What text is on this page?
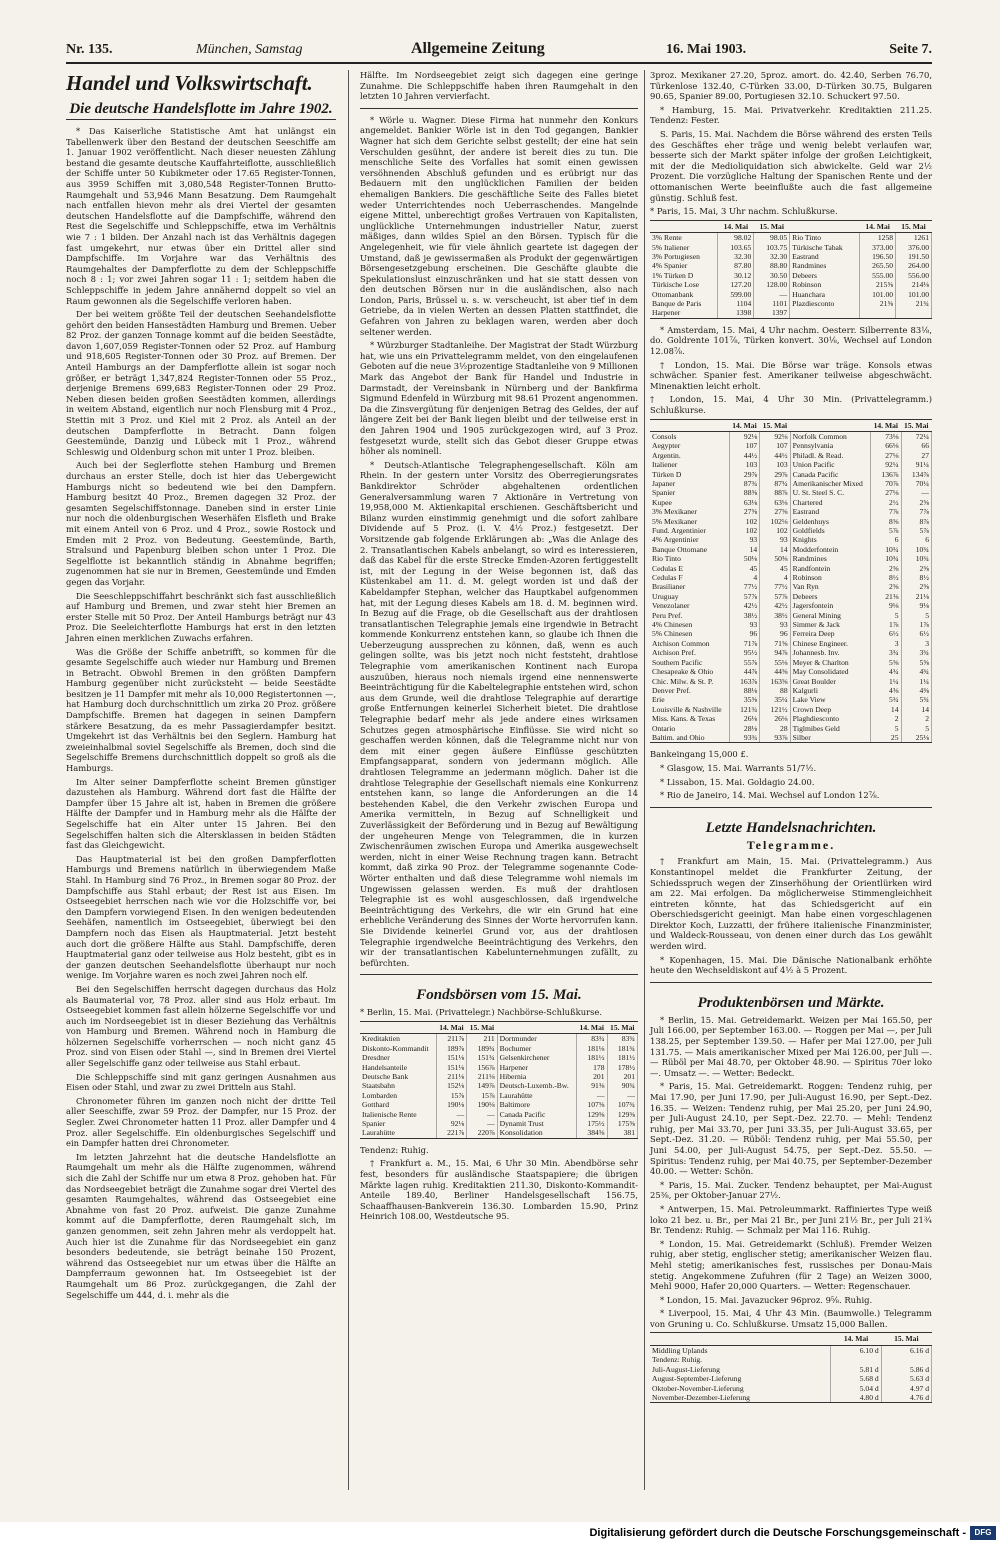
Nr. 135.	München, Samstag	Allgemeine Zeitung	16. Mai 1903.	Seite 7.
Handel und Volkswirtschaft.
Die deutsche Handelsflotte im Jahre 1902.

* Das Kaiserliche Statistische Amt hat unlängst ein Tabellenwerk über den Bestand der deutschen Seeschiffe am 1. Januar 1902 veröffentlicht. Nach dieser neuesten Zählung bestand die gesamte deutsche Kauffahrteiflotte, ausschließlich der Schiffe unter 50 Kubikmeter oder 17.65 Register-Tonnen, aus 3959 Schiffen mit 3,080,548 Register-Tonnen Brutto-Raumgehalt und 53,946 Mann Besatzung. Dem Raumgehalt nach entfallen hievon mehr als drei Viertel der gesamten deutschen Handelsflotte auf die Dampfschiffe, während den Rest die Segelschiffe und Schleppschiffe, etwa im Verhältnis wie 7 : 1 bilden. Der Anzahl nach ist das Verhältnis dagegen fast umgekehrt, nur etwas über ein Drittel aller sind Dampfschiffe. Im Vorjahre war das Verhältnis des Raumgehaltes der Dampferflotte zu dem der Schleppschiffe noch 8 : 1; vor zwei Jahren sogar 11 : 1; seitdem haben die Schleppschiffe in jedem Jahre annähernd doppelt so viel an Raum gewonnen als die Segelschiffe verloren haben.

Der bei weitem größte Teil der deutschen Seehandelsflotte gehört den beiden Hansestädten Hamburg und Bremen. Ueber 82 Proz. der ganzen Tonnage kommt auf die beiden Seestädte, davon 1,607,059 Register-Tonnen oder 52 Proz. auf Hamburg und 918,605 Register-Tonnen oder 30 Proz. auf Bremen. Der Anteil Hamburgs an der Dampferflotte allein ist sogar noch größer, er beträgt 1,347,824 Register-Tonnen oder 55 Proz., derjenige Bremens 699,683 Register-Tonnen oder 29 Proz. Neben diesen beiden großen Seestädten kommen, allerdings in weitem Abstand, eigentlich nur noch Flensburg mit 4 Proz., Stettin mit 3 Proz. und Kiel mit 2 Proz. als Anteil an der deutschen Dampferflotte in Betracht. Dann folgen Geestemünde, Danzig und Lübeck mit 1 Proz., während Schleswig und Oldenburg schon mit unter 1 Proz. bleiben.

Auch bei der Seglerflotte stehen Hamburg und Bremen durchaus an erster Stelle, doch ist hier das Uebergewicht Hamburgs nicht so bedeutend wie bei den Dampfern. Hamburg besitzt 40 Proz., Bremen dagegen 32 Proz. der gesamten Segelschiffstonnage. Daneben sind in erster Linie nur noch die oldenburgischen Weserhäfen Elsfleth und Brake mit einem Anteil von 6 Proz. und 4 Proz., sowie Rostock und Emden mit 2 Proz. von Bedeutung. Geestemünde, Barth, Stralsund und Papenburg bleiben schon unter 1 Proz. Die Segelflotte ist bekanntlich ständig in Abnahme begriffen; zugenommen hat sie nur in Bremen, Geestemünde und Emden gegen das Vorjahr.

Die Seeschleppschiffahrt beschränkt sich fast ausschließlich auf Hamburg und Bremen, und zwar steht hier Bremen an erster Stelle mit 50 Proz. Der Anteil Hamburgs beträgt nur 43 Proz. Die Seeleichterflotte Hamburgs hat erst in den letzten Jahren einen merklichen Zuwachs erfahren.

Was die Größe der Schiffe anbetrifft, so kommen für die gesamte Segelschiffe auch wieder nur Hamburg und Bremen in Betracht. Obwohl Bremen in den größten Dampfern Hamburg gegenüber nicht zurücksteht — beide Seestädte besitzen je 11 Dampfer mit mehr als 10,000 Registertonnen —, hat Hamburg doch durchschnittlich um zirka 20 Proz. größere Dampfschiffe. Bremen hat dagegen in seinen Dampfern stärkere Besatzung, da es mehr Passagierdampfer besitzt. Umgekehrt ist das Verhältnis bei den Seglern. Hamburg hat zweieinhalbmal soviel Segelschiffe als Bremen, doch sind die Segelschiffe Bremens durchschnittlich doppelt so groß als die Hamburgs.

Im Alter seiner Dampferflotte scheint Bremen günstiger dazustehen als Hamburg. Während dort fast die Hälfte der Dampfer über 15 Jahre alt ist, haben in Bremen die größere Hälfte der Dampfer und in Hamburg mehr als die Hälfte der Segelschiffe hat ein Alter unter 15 Jahren. Bei den Segelschiffen halten sich die Altersklassen in beiden Städten fast das Gleichgewicht.

Das Hauptmaterial ist bei den großen Dampferflotten Hamburgs und Bremens natürlich in überwiegendem Maße Stahl. In Hamburg sind 76 Proz., in Bremen sogar 80 Proz. der Dampfschiffe aus Stahl erbaut; der Rest ist aus Eisen. Im Ostseegebiet herrschen nach wie vor die Holzschiffe vor, bei den Dampfern vorwiegend Eisen. In den wenigen bedeutenden Seehäfen, namentlich im Ostseegebiet, überwiegt bei den Dampfern noch das Eisen als Hauptmaterial. Jetzt besteht auch dort die größere Hälfte aus Stahl. Dampfschiffe, deren Hauptmaterial ganz oder teilweise aus Holz besteht, gibt es in der ganzen deutschen Seehandelsflotte überhaupt nur noch wenige. Im Vorjahre waren es noch zwei Jahren noch elf.

Bei den Segelschiffen herrscht dagegen durchaus das Holz als Baumaterial vor, 78 Proz. aller sind aus Holz erbaut. Im Ostseegebiet kommen fast allein hölzerne Segelschiffe vor und auch im Nordseegebiet ist in dieser Beziehung das Verhältnis von Hamburg und Bremen. Während noch in Hamburg die hölzernen Segelschiffe vorherrschen — noch nicht ganz 45 Proz. sind von Eisen oder Stahl —, sind in Bremen drei Viertel aller Segelschiffe ganz oder teilweise aus Stahl erbaut.

Die Schleppschiffe sind mit ganz geringen Ausnahmen aus Eisen oder Stahl, und zwar zu zwei Dritteln aus Stahl.

Chronometer führen im ganzen noch nicht der dritte Teil aller Seeschiffe, zwar 59 Proz. der Dampfer, nur 15 Proz. der Segler. Zwei Chronometer hatten 11 Proz. aller Dampfer und 4 Proz. aller Segelschiffe. Ein oldenburgisches Segelschiff und ein Dampfer hatten drei Chronometer.

Im letzten Jahrzehnt hat die deutsche Handelsflotte an Raumgehalt um mehr als die Hälfte zugenommen, während sich die Zahl der Schiffe nur um etwa 8 Proz. gehoben hat. Für das Nordseegebiet beträgt die Zunahme sogar drei Viertel des gesamten Raumgehaltes, während das Ostseegebiet eine Abnahme von fast 20 Proz. aufweist. Die ganze Zunahme kommt auf die Dampferflotte, deren Raumgehalt sich, im ganzen genommen, seit zehn Jahren mehr als verdoppelt hat. Auch hier ist die Zunahme für das Nordseegebiet ein ganz besonders bedeutende, sie beträgt beinahe 150 Prozent, während das Ostseegebiet nur um etwas über die Hälfte an Dampferraum gewonnen hat. Im Ostseegebiet ist der Raumgehalt um 86 Proz. zurückgegangen, die Zahl der Segelschiffe um 444, d. i. mehr als die

Hälfte. Im Nordseegebiet zeigt sich dagegen eine geringe Zunahme. Die Schleppschiffe haben ihren Raumgehalt in den letzten 10 Jahren vervierfacht.

* Wörle u. Wagner. Diese Firma hat nunmehr den Konkurs angemeldet. Bankier Wörle ist in den Tod gegangen, Bankier Wagner hat sich dem Gerichte selbst gestellt; der eine hat sein Verschulden gesühnt, der andere ist bereit dies zu tun. Die menschliche Seite des Vorfalles hat somit einen gewissen versöhnenden Abschluß gefunden und es erübrigt nur das Bedauern mit den unglücklichen Familien der beiden ehemaligen Bankiers. Die geschäftliche Seite des Falles bietet weder Unterrichtendes noch Ueberraschendes. Mangelnde eigene Mittel, unberechtigt großes Vertrauen von Kapitalisten, unglückliche Unternehmungen industrieller Natur, zuerst mäßiges, dann wildes Spiel an den Börsen. Typisch für die Angelegenheit, wie für viele ähnlich geartete ist dagegen der Umstand, daß je gewissermaßen als Produkt der gegenwärtigen Börsengesetzgebung erscheinen. Die Geschäfte glaubte die Spekulationslust einzuschränken und hat sie statt dessen von den deutschen Börsen nur in die ausländischen, also nach London, Paris, Brüssel u. s. w. verscheucht, ist aber tief in dem Getriebe, da in vielen Werten an dessen Platten stattfindet, die Gefahren von Jahren zu beklagen waren, werden aber doch seltener werden.

* Würzburger Stadtanleihe. Der Magistrat der Stadt Würzburg hat, wie uns ein Privattelegramm meldet, von den eingelaufenen Geboten auf die neue 3½prozentige Stadtanleihe von 9 Millionen Mark das Angebot der Bank für Handel und Industrie in Darmstadt, der Vereinsbank in Nürnberg und der Bankfirma Sigmund Edenfeld in Würzburg mit 98.61 Prozent angenommen. Da die Zinsvergütung für denjenigen Betrag des Geldes, der auf längere Zeit bei der Bank liegen bleibt und der teilweise erst in den Jahren 1904 und 1905 zurückgezogen wird, auf 3 Proz. festgesetzt wurde, stellt sich das Gebot dieser Gruppe etwas höher als nominell.

* Deutsch-Atlantische Telegraphengesellschaft. Köln am Rhein. In der gestern unter Vorsitz des Oberregierungsrates Bankdirektor Schröder abgehaltenen ordentlichen Generalversammlung waren 7 Aktionäre in Vertretung von 19,958,000 M. Aktienkapital erschienen. Geschäftsbericht und Bilanz wurden einstimmig genehmigt und die sofort zahlbare Dividende auf 5 Proz. (i. V. 4½ Proz.) festgesetzt. Der Vorsitzende gab folgende Erklärungen ab: „Was die Anlage des 2. Transatlantischen Kabels anbelangt, so wird es interessieren, daß das Kabel für die erste Strecke Emden-Azoren fertiggestellt ist, mit der Legung in der Weise begonnen ist, daß das Küstenkabel am 11. d. M. gelegt worden ist und daß der Kabeldampfer Stephan, welcher das Hauptkabel aufgenommen hat, mit der Legung dieses Kabels am 18. d. M. beginnen wird. In Bezug auf die Frage, ob die Gesellschaft aus der drahtlosen transatlantischen Telegraphie jemals eine irgendwie in Betracht kommende Konkurrenz entstehen kann, so glaube ich Ihnen die Ueberzeugung aussprechen zu können, daß, wenn es auch gelingen sollte, was bis jetzt noch nicht feststeht, drahtlose Telegraphie vom amerikanischen Kontinent nach Europa auszuüben, hieraus noch niemals irgend eine nennenswerte Beeinträchtigung für die Kabeltelegraphie entstehen wird, schon aus dem Grunde, weil die drahtlose Telegraphie auf derartige große Entfernungen keinerlei Sicherheit bietet. Die drahtlose Telegraphie bedarf mehr als jede andere eines wirksamen Schutzes gegen atmosphärische Einflüsse. Sie wird nicht so geschaffen werden können, daß die Telegramme nicht nur von dem mit einer gegen äußere Einflüsse geschützten Empfangsapparat, sondern von jedermann möglich. Alle drahtlosen Telegramme an jedermann möglich. Daher ist die drahtlose Telegraphie der Gesellschaft niemals eine Konkurrenz entstehen kann, so lange die Anforderungen an die 14 bestehenden Kabel, die den Verkehr zwischen Europa und Amerika vermitteln, in Bezug auf Schnelligkeit und Zuverlässigkeit der Beförderung und in Bezug auf Bewältigung der ungeheuren Menge von Telegrammen, die in kurzen Zwischenräumen zwischen Europa und Amerika ausgewechselt werden, nicht in einer Weise Rechnung tragen kann. Betracht kommt, daß zirka 90 Proz. der Telegramme sogenannte Code-Wörter enthalten und daß diese Telegramme wohl niemals im Ungewissen gelassen werden. Es muß der drahtlosen Telegraphie ist es wohl ausgeschlossen, daß irgendwelche Beeinträchtigung des Verkehrs, die wir ein Grund hat eine erhebliche Veränderung des Sinnes der Worte hervorrufen kann. Sie Dividende keinerlei Grund vor, aus der drahtlosen Telegraphie irgendwelche Beeinträchtigung des Verkehrs, den wir der transatlantischen Kabelunternehmungen zufällt, zu befürchten.

Fondsbörsen vom 15. Mai.

* Berlin, 15. Mai. (Privattelegr.) Nachbörse-Schlußkurse.

	14. Mai	15. Mai		14. Mai	15. Mai
Kreditaktien	211⅞	211	Dortmunder	83¾	83¾
Diskonto-Kommandit	189⅞	189¾	Bochumer	181⅛	181¾
Dresdner	151⅛	151¾	Gelsenkirchener	181½	181½
Handelsanteile	151⅛	156⅞	Harpener	178	178½
Deutsche Bank	211⅛	211⅛	Hibernia	201	201
Staatsbahn	152⅛	149⅞	Deutsch-Luxemb.-Bw.	91⅜	90¾
Lombarden	15⅞	15⅞	Laurahütte	—	—
Gotthard	190⅛	190⅛	Baltimore	107⅝	107¾
Italienische Rente	—	—	Canada Pacific	129⅝	129⅝
Spanier	92⅛	—	Dynamit Trust	175½	175⅝
Laurahütte	221⅞	220⅞	Konsolidation	384⅝	381

Tendenz: Ruhig.

† Frankfurt a. M., 15. Mai, 6 Uhr 30 Min. Abendbörse sehr fest, besonders für ausländische Staatspapiere; die übrigen Märkte lagen ruhig. Kreditaktien 211.30, Diskonto-Kommandit-Anteile 189.40, Berliner Handelsgesellschaft 156.75, Schaaffhausen-Bankverein 136.30. Lombarden 15.90, Prinz Heinrich 108.00, Westdeutsche 95.

3proz. Mexikaner 27.20, 5proz. amort. do. 42.40, Serben 76.70, Türkenlose 132.40, C-Türken 33.00, D-Türken 30.75, Bulgaren 90.65, Spanier 89.00, Portugiesen 32.10. Schuckert 97.50.

* Hamburg, 15. Mai. Privatverkehr. Kreditaktien 211.25. Tendenz: Fester.

S. Paris, 15. Mai. Nachdem die Börse während des ersten Teils des Geschäftes eher träge und wenig belebt verlaufen war, besserte sich der Markt später infolge der großen Leichtigkeit, mit der die Medioliquidation sich abwickelte. Geld war 2½ Prozent. Die vorzügliche Haltung der Spanischen Rente und der ottomanischen Werte beeinflußte auch die fast allgemeine günstig. Schluß fest.

* Paris, 15. Mai, 3 Uhr nachm. Schlußkurse.

	14. Mai	15. Mai		14. Mai	15. Mai
3% Rente	98.02	98.05	Rio Tinto	1258	1261
5% Italiener	103.65	103.75	Türkische Tabak	373.00	376.00
3% Portugiesen	32.30	32.30	Eastrand	196.50	191.50
4% Spanier	87.80	88.80	Randmines	265.50	264.00
1% Türken D	30.12	30.50	Debeers	555.00	556.00
Türkische Lose	127.20	128.00	Robinson	215⅝	214⅛
Ottomanbank	599.00	—	Huanchara	101.00	101.00
Banque de Paris	1104	1101	Plazdiesconto	21⅝	21¾
Harpener	1398	1397			

* Amsterdam, 15. Mai, 4 Uhr nachm. Oesterr. Silberrente 83⅛, do. Goldrente 101⅞, Türken konvert. 30⅛, Wechsel auf London 12.08⅞.

† London, 15. Mai. Die Börse war träge. Konsols etwas schwächer. Spanier fest. Amerikaner teilweise abgeschwächt. Minenaktien leicht erholt.

† London, 15. Mai, 4 Uhr 30 Min. (Privattelegramm.) Schlußkurse.

	14. Mai	15. Mai		14. Mai	15. Mai
Consols	92⅛	92⅛	Norfolk Common	73⅛	72¼
Aegypter	107	107	Pennsylvania	66⅛	66
Argentin.	44½	44½	Philadl. & Read.	27⅛	27
Italiener	103	103	Union Pacific	92¼	91¼
Türken D	29⅞	29⅞	Canada Pacific	136⅞	134⅞
Japaner	87¾	87¾	Amerikanischer Mixed	70⅞	70¼
Spanier	88⅝	88⅞	U. St. Steel S. C.	27⅛	—
Kupee	63⅛	63⅛	Chartered	2½	2⅝
3% Mexikaner	27⅝	27⅝	Eastrand	7⅞	7⅞
5% Mexikaner	102	102⅛	Geldenhuys	8⅝	8⅞
Fund. Argentinier	102	102	Goldfields	5⅞	5⅞
4% Argentinier	93	93	Knights	6	6
Banque Ottomane	14	14	Modderfontein	10¾	10¾
Rio Tinto	50⅛	50⅜	Randmines	10¾	10¾
Cedulas E	45	45	Randfontein	2⅝	2⅝
Cedulas F	4	4	Robinson	8½	8½
Brasilianer	77½	77½	Van Ryn	2⅝	2⅝
Uruguay	57⅞	57⅞	Debeers	21⅜	21⅛
Venezolaner	42½	42½	Jagersfontein	9⅛	9⅛
Peru Pref.	38½	38½	General Mining	5	5
4% Chinesen	93	93	Simmer & Jack	1⅞	1⅞
5% Chinesen	96	96	Ferreira Deep	6½	6½
Atchison Common	71⅞	71⅝	Chinese Engineer.	3	3
Atchison Pref.	95½	94⅞	Johannesb. Inv.	3¾	3¾
Southern Pacific	55⅞	55⅛	Meyer & Charlton	5⅝	5⅝
Chesapeake & Ohio	44⅞	44⅝	May Consolidated	4¾	4¾
Chic. Milw. & St. P.	163⅞	163⅝	Great Boulder	1¼	1¼
Denver Pref.	88⅛	88	Kalgurli	4⅜	4⅜
Erie	35⅝	35¼	Lake View	5¾	5¾
Louisville & Nashville	121¾	121½	Crown Deep	14	14
Miss. Kans. & Texas	26⅛	26⅛	Plaghdiesconto	2	2
Ontario	28⅛	28	Tiglmibes Geld	5	5
Baltim. and Ohio	93¾	93⅞	Silber	25	25⅛

Bankeingang 15,000 £.

* Glasgow, 15. Mai. Warrants 51/7½.

* Lissabon, 15. Mai. Goldagio 24.00.

* Rio de Janeiro, 14. Mai. Wechsel auf London 12⅞.

Letzte Handelsnachrichten.
Telegramme.

† Frankfurt am Main, 15. Mai. (Privattelegramm.) Aus Konstantinopel meldet die Frankfurter Zeitung, der Schiedsspruch wegen der Zinserhöhung der Orientlürken wird am 22. Mai erfolgen. Da möglicherweise Stimmengleichheit eintreten könnte, hat das Schiedsgericht auf ein Oberschiedsgericht geeinigt. Man habe einen vorgeschlagenen Direktor Koch, Luzzatti, der frühere italienische Finanzminister, und Waldeck-Rousseau, von denen einer durch das Los gewählt werden wird.

* Kopenhagen, 15. Mai. Die Dänische Nationalbank erhöhte heute den Wechseldiskont auf 4½ à 5 Prozent.

Produktenbörsen und Märkte.

* Berlin, 15. Mai. Getreidemarkt. Weizen per Mai 165.50, per Juli 166.00, per September 163.00. — Roggen per Mai —, per Juli 138.25, per September 139.50. — Hafer per Mai 127.00, per Juli 131.75. — Mais amerikanischer Mixed per Mai 126.00, per Juli —. — Rüböl per Mai 48.70, per Oktober 48.90. — Spiritus 70er loko —. Umsatz —. — Wetter: Bedeckt.

* Paris, 15. Mai. Getreidemarkt. Roggen: Tendenz ruhig, per Mai 17.90, per Juni 17.90, per Juli-August 16.90, per Sept.-Dez. 16.35. — Weizen: Tendenz ruhig, per Mai 25.20, per Juni 24.90, per Juli-August 24.10, per Sept.-Dez. 22.70. — Mehl: Tendenz ruhig, per Mai 33.70, per Juni 33.35, per Juli-August 33.65, per Sept.-Dez. 31.20. — Rüböl: Tendenz ruhig, per Mai 55.50, per Juni 54.00, per Juli-August 54.75, per Sept.-Dez. 55.50. — Spiritus: Tendenz ruhig, per Mai 40.75, per September-Dezember 40.00. — Wetter: Schön.

* Paris, 15. Mai. Zucker. Tendenz behauptet, per Mai-August 25⅜, per Oktober-Januar 27½.

* Antwerpen, 15. Mai. Petroleummarkt. Raffiniertes Type weiß loko 21 bez. u. Br., per Mai 21 Br., per Juni 21½ Br., per Juli 21¾ Br. Tendenz: Ruhig. — Schmalz per Mai 116. Ruhig.

* London, 15. Mai. Getreidemarkt (Schluß). Fremder Weizen ruhig, aber stetig, englischer stetig; amerikanischer Weizen flau. Mehl stetig; amerikanisches fest, russisches per Donau-Mais stetig. Angekommene Zufuhren (für 2 Tage) an Weizen 3000, Mehl 9000, Hafer 20,000 Quarters. — Wetter: Regenschauer.

* London, 15. Mai. Javazucker 96proz. 9⅝. Ruhig.

* Liverpool, 15. Mai, 4 Uhr 43 Min. (Baumwolle.) Telegramm von Gruning u. Co. Schlußkurse. Umsatz 15,000 Ballen.

	14. Mai	15. Mai
Middling Uplands	6.10 d	6.16 d
Tendenz: Ruhig.		
Juli-August-Lieferung	5.81 d	5.86 d
August-September-Lieferung	5.68 d	5.63 d
Oktober-November-Lieferung	5.04 d	4.97 d
November-Dezember-Lieferung	4.80 d	4.76 d
Digitalisierung gefördert durch die Deutsche Forschungsgemeinschaft -	DFG
